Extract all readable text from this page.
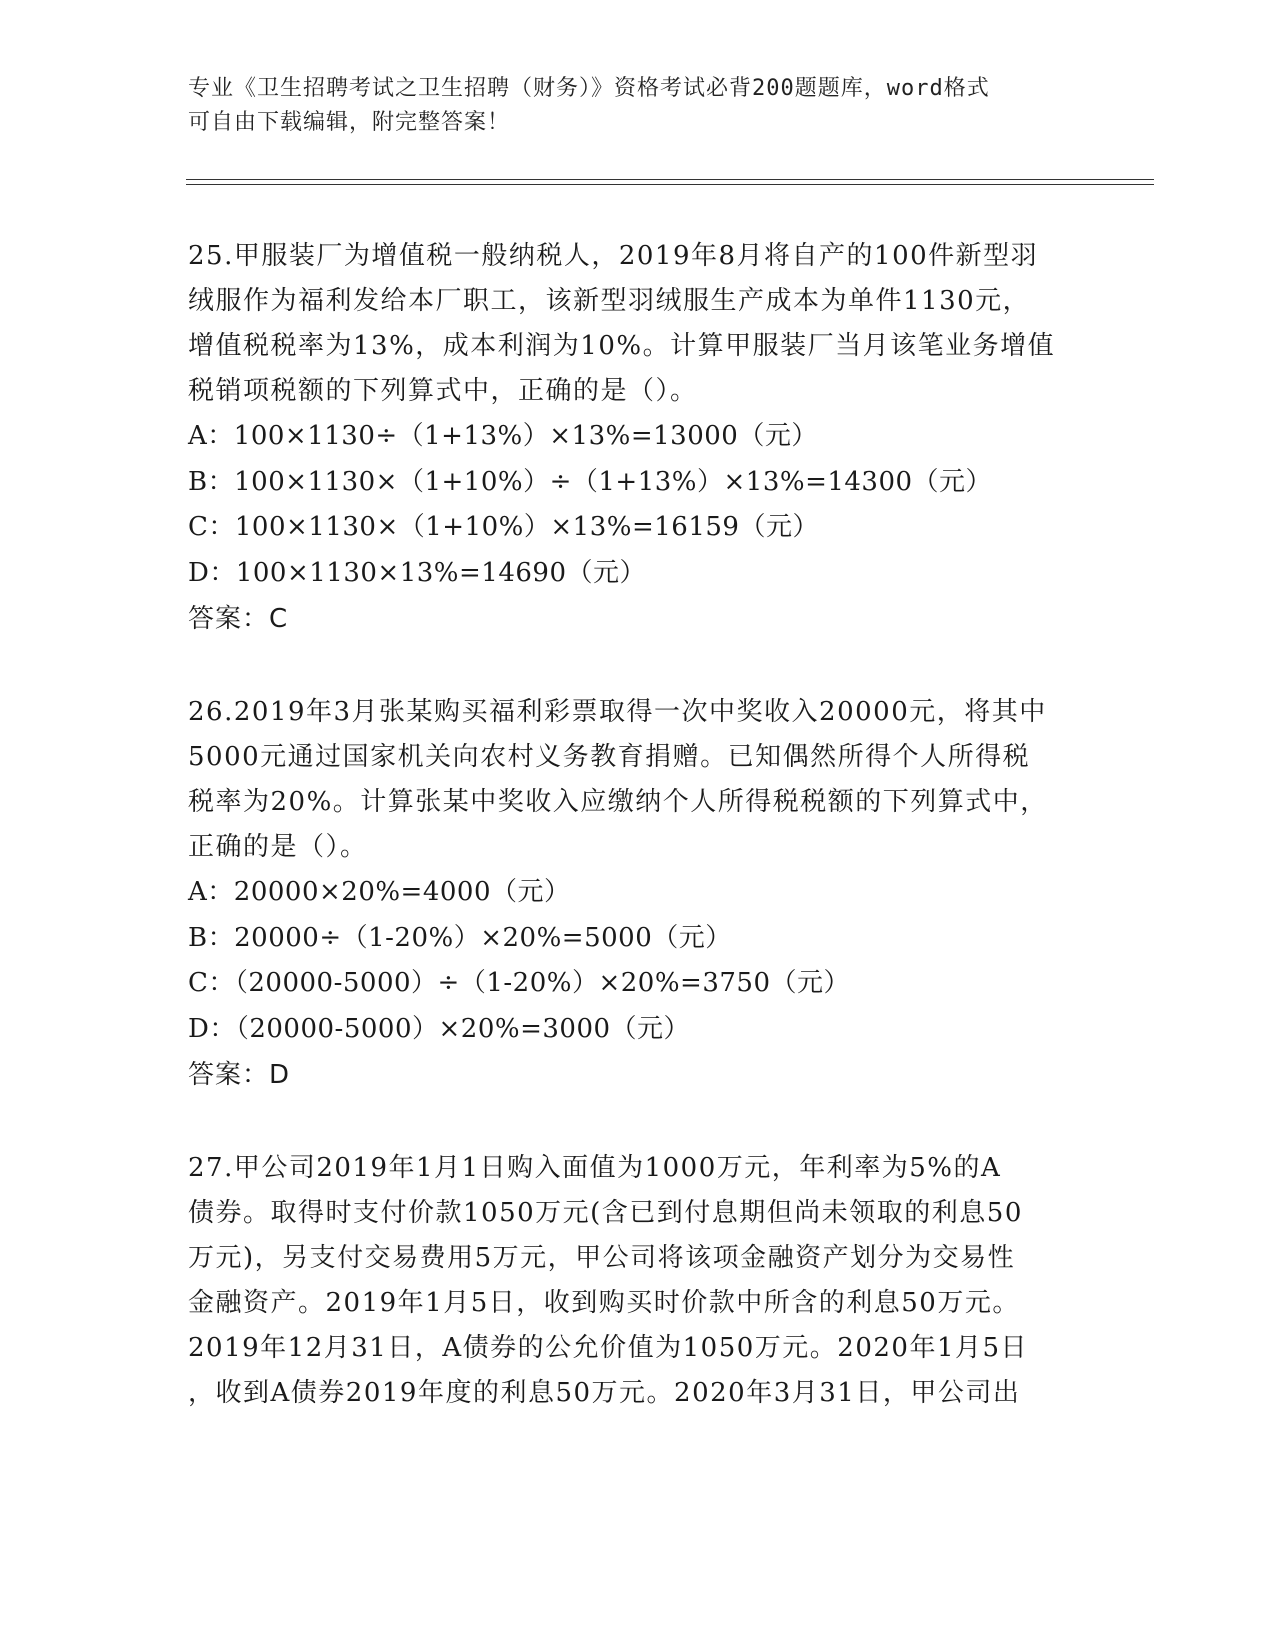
专业《卫生招聘考试之卫生招聘（财务）》资格考试必背200题题库，word格式
可自由下载编辑，附完整答案！
25.甲服装厂为增值税一般纳税人，2019年8月将自产的100件新型羽
绒服作为福利发给本厂职工，该新型羽绒服生产成本为单件1130元，
增值税税率为13%，成本利润为10%。计算甲服装厂当月该笔业务增值
税销项税额的下列算式中，正确的是（）。
A：100×1130÷（1+13%）×13%=13000（元）
B：100×1130×（1+10%）÷（1+13%）×13%=14300（元）
C：100×1130×（1+10%）×13%=16159（元）
D：100×1130×13%=14690（元）
答案：C
26.2019年3月张某购买福利彩票取得一次中奖收入20000元，将其中
5000元通过国家机关向农村义务教育捐赠。已知偶然所得个人所得税
税率为20%。计算张某中奖收入应缴纳个人所得税税额的下列算式中，
正确的是（）。
A：20000×20%=4000（元）
B：20000÷（1-20%）×20%=5000（元）
C：（20000-5000）÷（1-20%）×20%=3750（元）
D：（20000-5000）×20%=3000（元）
答案：D
27.甲公司2019年1月1日购入面值为1000万元，年利率为5%的A
债券。取得时支付价款1050万元(含已到付息期但尚未领取的利息50
万元)，另支付交易费用5万元，甲公司将该项金融资产划分为交易性
金融资产。2019年1月5日，收到购买时价款中所含的利息50万元。
2019年12月31日，A债券的公允价值为1050万元。2020年1月5日
，收到A债券2019年度的利息50万元。2020年3月31日，甲公司出
